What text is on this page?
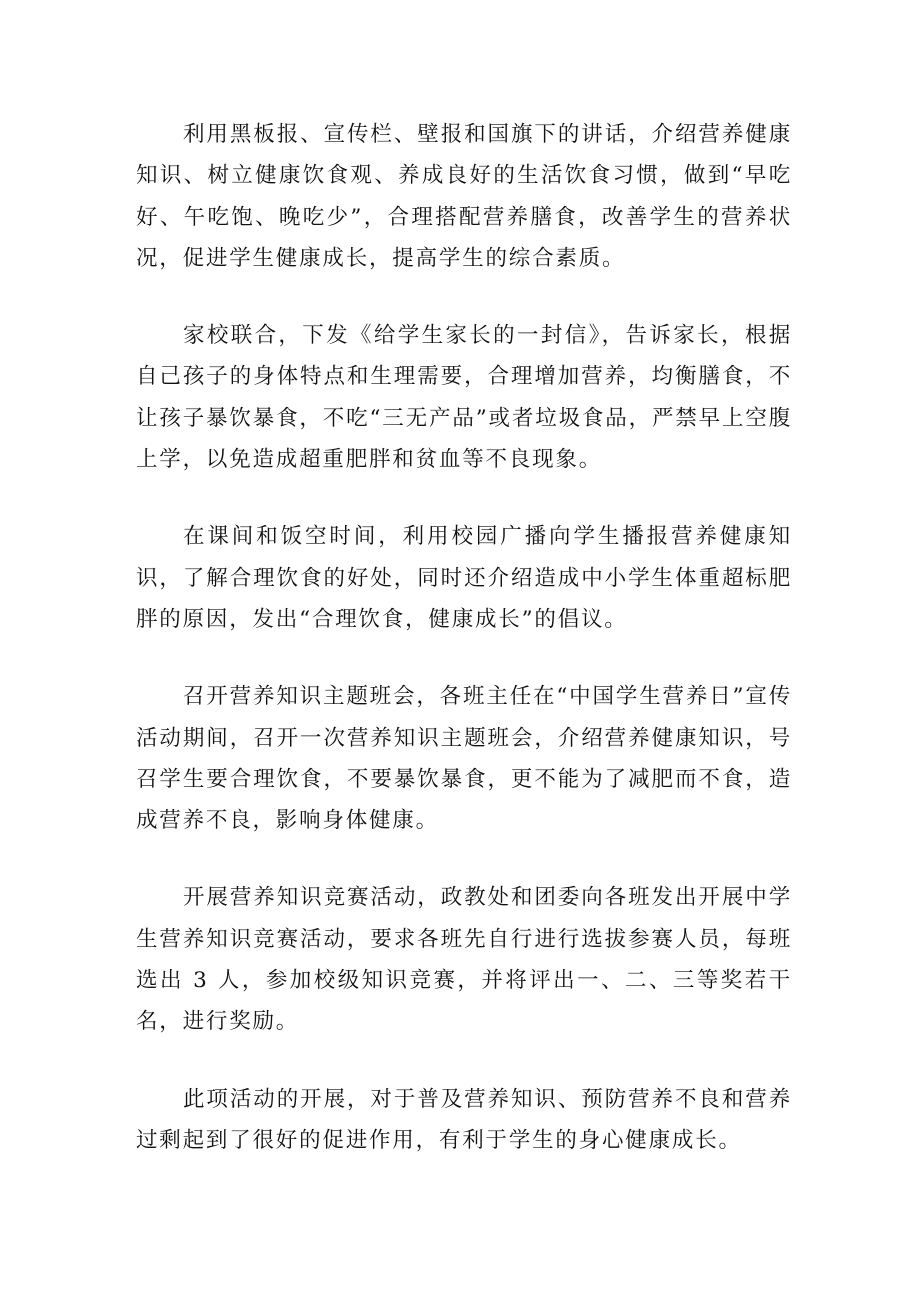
利用黑板报、宣传栏、壁报和国旗下的讲话，介绍营养健康知识、树立健康饮食观、养成良好的生活饮食习惯，做到“早吃好、午吃饱、晚吃少”，合理搭配营养膳食，改善学生的营养状况，促进学生健康成长，提高学生的综合素质。

家校联合，下发《给学生家长的一封信》，告诉家长，根据自己孩子的身体特点和生理需要，合理增加营养，均衡膳食，不让孩子暴饮暴食，不吃“三无产品”或者垃圾食品，严禁早上空腹上学，以免造成超重肥胖和贫血等不良现象。

在课间和饭空时间，利用校园广播向学生播报营养健康知识，了解合理饮食的好处，同时还介绍造成中小学生体重超标肥胖的原因，发出“合理饮食，健康成长”的倡议。

召开营养知识主题班会，各班主任在“中国学生营养日”宣传活动期间，召开一次营养知识主题班会，介绍营养健康知识，号召学生要合理饮食，不要暴饮暴食，更不能为了减肥而不食，造成营养不良，影响身体健康。

开展营养知识竞赛活动，政教处和团委向各班发出开展中学生营养知识竞赛活动，要求各班先自行进行选拔参赛人员，每班选出 3 人，参加校级知识竞赛，并将评出一、二、三等奖若干名，进行奖励。

此项活动的开展，对于普及营养知识、预防营养不良和营养过剩起到了很好的促进作用，有利于学生的身心健康成长。
